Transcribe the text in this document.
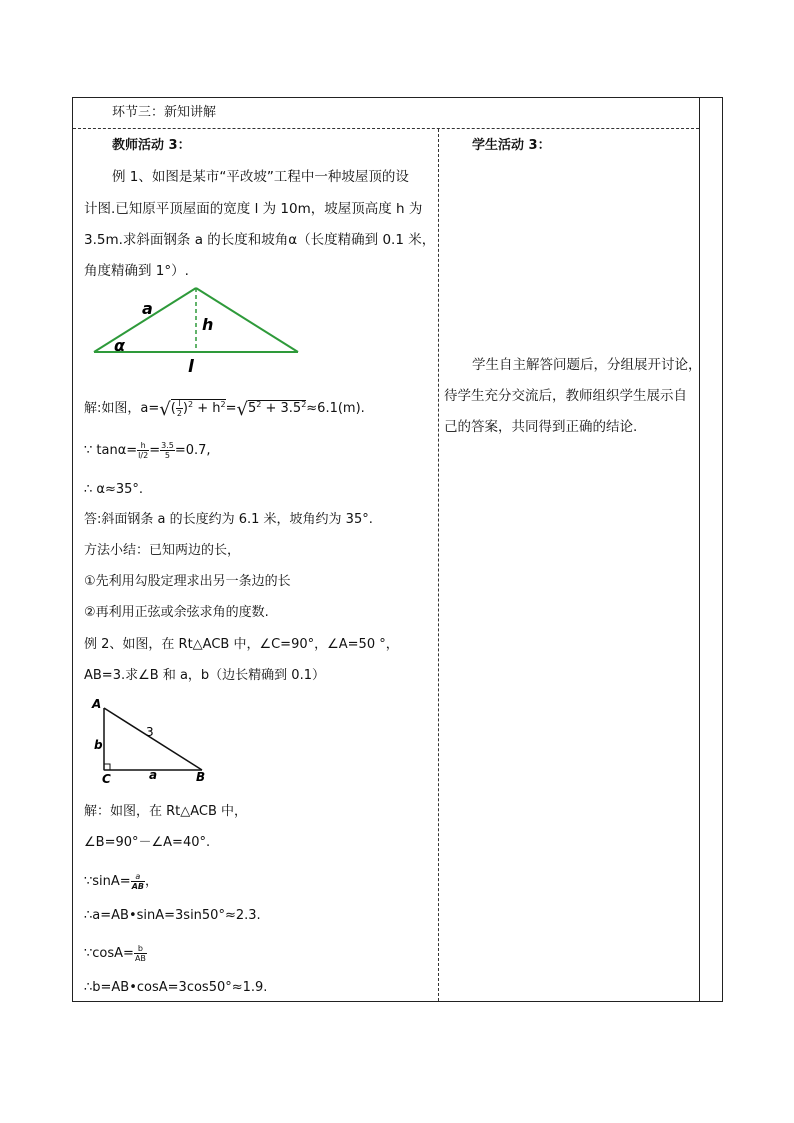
环节三：新知讲解
教师活动 3：
例 1、如图是某市“平改坡”工程中一种坡屋顶的设
计图.已知原平顶屋面的宽度 l 为 10m，坡屋顶高度 h 为
3.5m.求斜面钢条 a 的长度和坡角α（长度精确到 0.1 米，
角度精确到 1°）.
a
h
α
l
解:如图，$a=√( \frac{l}{2} )^2 + h^2=√5^2 + 3.5^2\approx 6.1(m)$.
∵ $\tan\alpha= \frac{h}{l/2} = \frac{3.5}{5} =0.7$,
∴ α≈35°.
答:斜面钢条 a 的长度约为 6.1 米，坡角约为 35°.
方法小结：已知两边的长，
①先利用勾股定理求出另一条边的长
②再利用正弦或余弦求角的度数.
例 2、如图，在 Rt△ACB 中，∠C=90°，∠A=50 °，
AB=3.求∠B 和 a，b（边长精确到 0.1）
A
b
C	a	B
3
解：如图，在 Rt△ACB 中，
∠B=90°－∠A=40°.
∵sinA= $\frac{a}{AB}$ ，
∴a=AB•sinA=3sin50°≈2.3.
∵cosA= $\frac{b}{AB}$
∴b=AB•cosA=3cos50°≈1.9.
学生活动 3：
学生自主解答问题后，分组展开讨论，
待学生充分交流后，教师组织学生展示自
己的答案，共同得到正确的结论.
